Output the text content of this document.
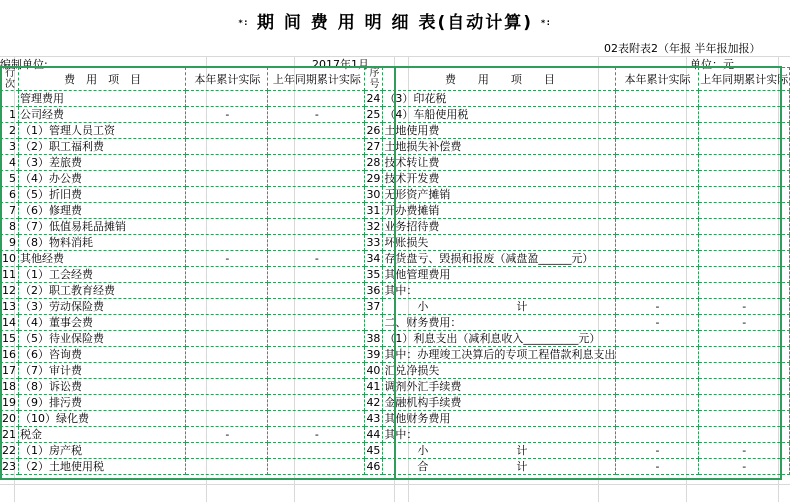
*∶ 期 间 费 用 明 细 表(自动计算) *∶
02表附表2（年报 半年报加报）
编制单位:	2017年1月	单位：元
行次	费　用　项　目	本年累计实际	上年同期累计实际	序号	费　　用　　项　　目	本年累计实际	上年同期累计实际
	管理费用			24	（3）印花税		
1	公司经费	-	-	25	（4）车船使用税		
2	（1）管理人员工资			26	土地使用费		
3	（2）职工福利费			27	土地损失补偿费		
4	（3）差旅费			28	技术转让费		
5	（4）办公费			29	技术开发费		
6	（5）折旧费			30	无形资产摊销		
7	（6）修理费			31	开办费摊销		
8	（7）低值易耗品摊销			32	业务招待费		
9	（8）物料消耗			33	坏账损失		
10	其他经费	-	-	34	存货盘亏、毁损和报废（减盘盈______元）		
11	（1）工会经费			35	其他管理费用		
12	（2）职工教育经费			36	其中：		
13	（3）劳动保险费			37	　　　小　　　　　　　　计	-	-
14	（4）董事会费				二、财务费用：	-	-
15	（5）待业保险费			38	（1）利息支出（减利息收入__________元）		
16	（6）咨询费			39	其中：办理竣工决算后的专项工程借款利息支出		
17	（7）审计费			40	汇兑净损失		
18	（8）诉讼费			41	调剂外汇手续费		
19	（9）排污费			42	金融机构手续费		
20	（10）绿化费			43	其他财务费用		
21	税金	-	-	44	其中：		
22	（1）房产税			45	　　　小　　　　　　　　计	-	-
23	（2）土地使用税			46	　　　合　　　　　　　　计	-	-
